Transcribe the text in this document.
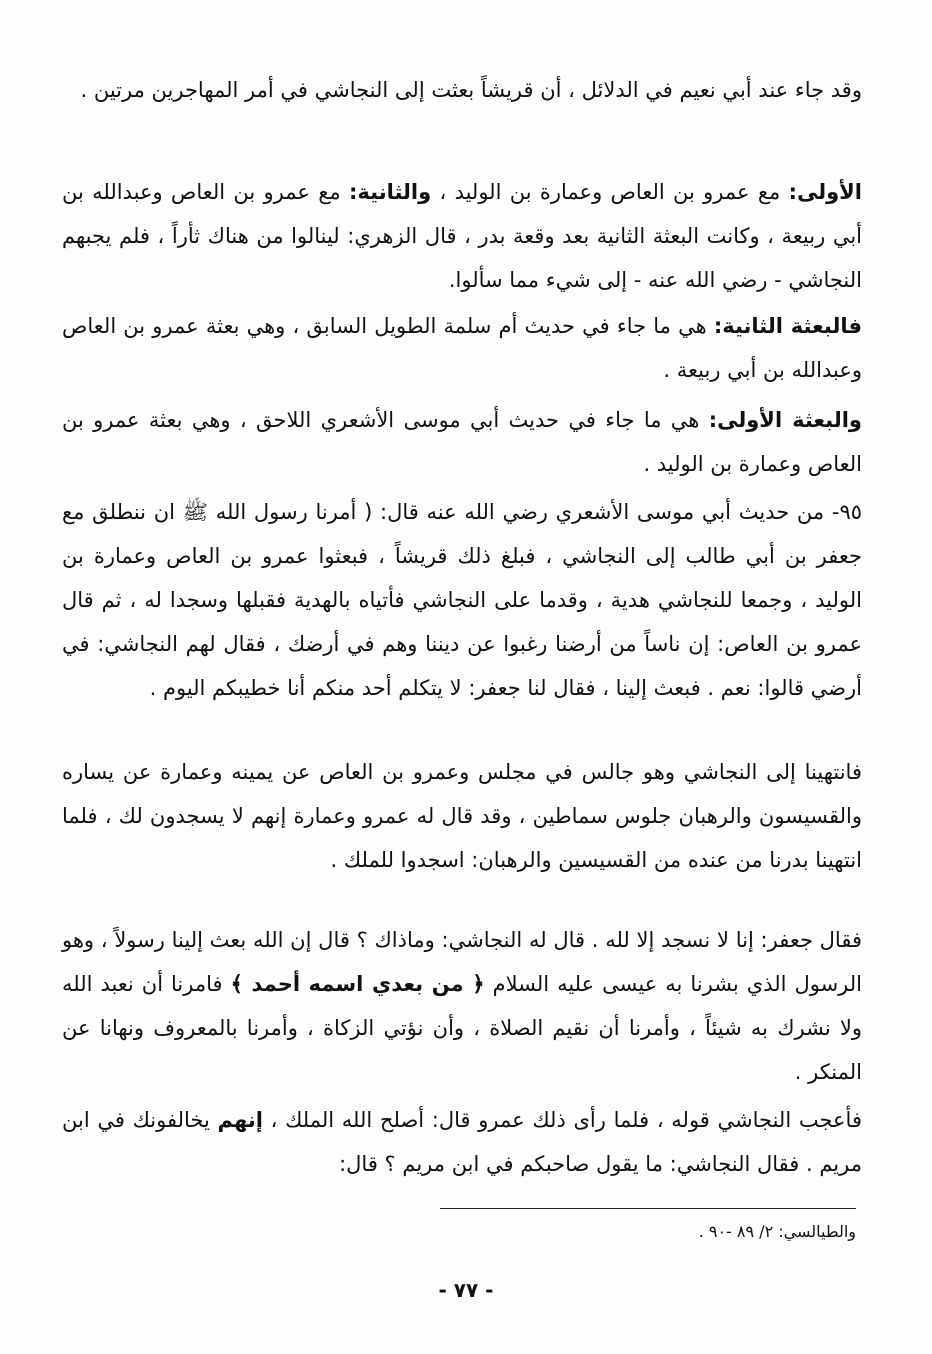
وقد جاء عند أبي نعيم في الدلائل ، أن قريشاً بعثت إلى النجاشي في أمر المهاجرين مرتين .

الأولى: مع عمرو بن العاص وعمارة بن الوليد ، والثانية: مع عمرو بن العاص وعبدالله بن أبي ربيعة ، وكانت البعثة الثانية بعد وقعة بدر ، قال الزهري: لينالوا من هناك ثأراً ، فلم يجبهم النجاشي - رضي الله عنه - إلى شيء مما سألوا.

فالبعثة الثانية: هي ما جاء في حديث أم سلمة الطويل السابق ، وهي بعثة عمرو بن العاص وعبدالله بن أبي ربيعة .

والبعثة الأولى: هي ما جاء في حديث أبي موسى الأشعري اللاحق ، وهي بعثة عمرو بن العاص وعمارة بن الوليد .

٩٥- من حديث أبي موسى الأشعري رضي الله عنه قال: ( أمرنا رسول الله ﷺ ان ننطلق مع جعفر بن أبي طالب إلى النجاشي ، فبلغ ذلك قريشاً ، فبعثوا عمرو بن العاص وعمارة بن الوليد ، وجمعا للنجاشي هدية ، وقدما على النجاشي فأتياه بالهدية فقبلها وسجدا له ، ثم قال عمرو بن العاص: إن ناساً من أرضنا رغبوا عن ديننا وهم في أرضك ، فقال لهم النجاشي: في أرضي قالوا: نعم . فبعث إلينا ، فقال لنا جعفر: لا يتكلم أحد منكم أنا خطيبكم اليوم .

فانتهينا إلى النجاشي وهو جالس في مجلس وعمرو بن العاص عن يمينه وعمارة عن يساره والقسيسون والرهبان جلوس سماطين ، وقد قال له عمرو وعمارة إنهم لا يسجدون لك ، فلما انتهينا بدرنا من عنده من القسيسين والرهبان: اسجدوا للملك .

فقال جعفر: إنا لا نسجد إلا لله . قال له النجاشي: وماذاك ؟ قال إن الله بعث إلينا رسولاً ، وهو الرسول الذي بشرنا به عيسى عليه السلام ﴿ من بعدي اسمه أحمد ﴾ فامرنا أن نعبد الله ولا نشرك به شيئاً ، وأمرنا أن نقيم الصلاة ، وأن نؤتي الزكاة ، وأمرنا بالمعروف ونهانا عن المنكر .

فأعجب النجاشي قوله ، فلما رأى ذلك عمرو قال: أصلح الله الملك ، إنهم يخالفونك في ابن مريم . فقال النجاشي: ما يقول صاحبكم في ابن مريم ؟ قال:

والطيالسي: ٢/ ٨٩ -٩٠ .

- ٧٧ -
